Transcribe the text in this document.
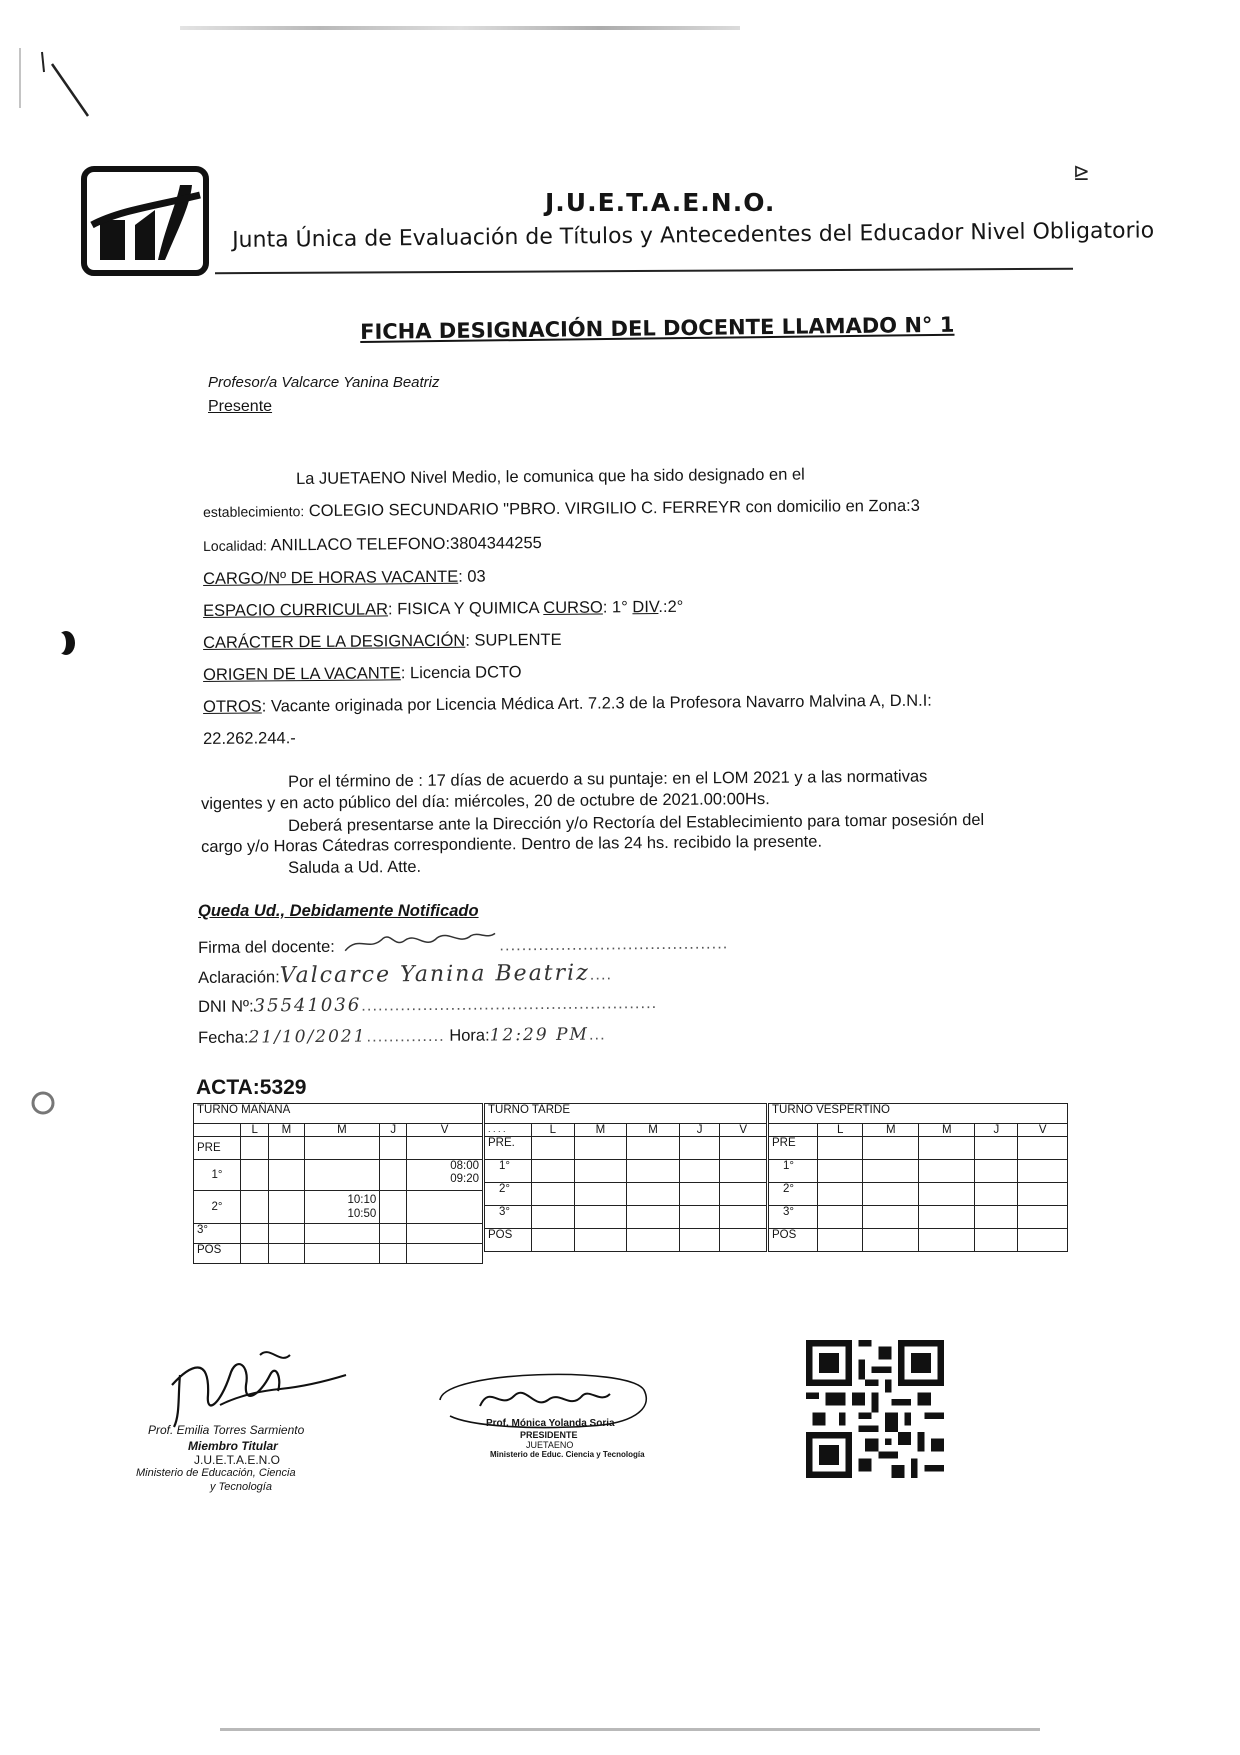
⊵
J.U.E.T.A.E.N.O.
Junta Única de Evaluación de Títulos y Antecedentes del Educador Nivel Obligatorio
FICHA DESIGNACIÓN DEL DOCENTE LLAMADO N° 1
Profesor/a Valcarce Yanina Beatriz
Presente
La JUETAENO Nivel Medio, le comunica que ha sido designado en el
establecimiento: COLEGIO SECUNDARIO "PBRO. VIRGILIO C. FERREYR con domicilio en Zona:3
Localidad: ANILLACO TELEFONO:3804344255
CARGO/Nº DE HORAS VACANTE: 03
ESPACIO CURRICULAR: FISICA Y QUIMICA CURSO: 1° DIV.:2°
CARÁCTER DE LA DESIGNACIÓN: SUPLENTE
ORIGEN DE LA VACANTE: Licencia DCTO
OTROS: Vacante originada por Licencia Médica Art. 7.2.3 de la Profesora Navarro Malvina A, D.N.I:
22.262.244.-
Por el término de : 17 días de acuerdo a su puntaje: en el LOM 2021 y a las normativas
vigentes y en acto público del día: miércoles, 20 de octubre de 2021.00:00Hs.
Deberá presentarse ante la Dirección y/o Rectoría del Establecimiento para tomar posesión del
cargo y/o Horas Cátedras correspondiente. Dentro de las 24 hs. recibido la presente.
Saluda a Ud. Atte.
Queda Ud., Debidamente Notificado
Firma del docente:	.........................................
Aclaración:Valcarce Yanina Beatriz....
DNI Nº:35541036.....................................................
Fecha:21/10/2021.............. Hora:12:29 PM...
ACTA:5329
TURNO MAÑANA					
	L	M	M	J	V
PRE					
1°					08:00
09:20
2°			10:10
10:50		
3°					
POS					
TURNO TARDE					
. . . .	L	M	M	J	V
PRE.					
1°					
2°					
3°					
POS					
TURNO VESPERTINO					
	L	M	M	J	V
PRE					
1°					
2°					
3°					
POS					
Prof. Emilia Torres Sarmiento
Miembro Titular
J.U.E.T.A.E.N.O
Ministerio de Educación, Ciencia
y Tecnología
Prof. Mónica Yolanda Soria
PRESIDENTE
JUETAENO
Ministerio de Educ. Ciencia y Tecnología
